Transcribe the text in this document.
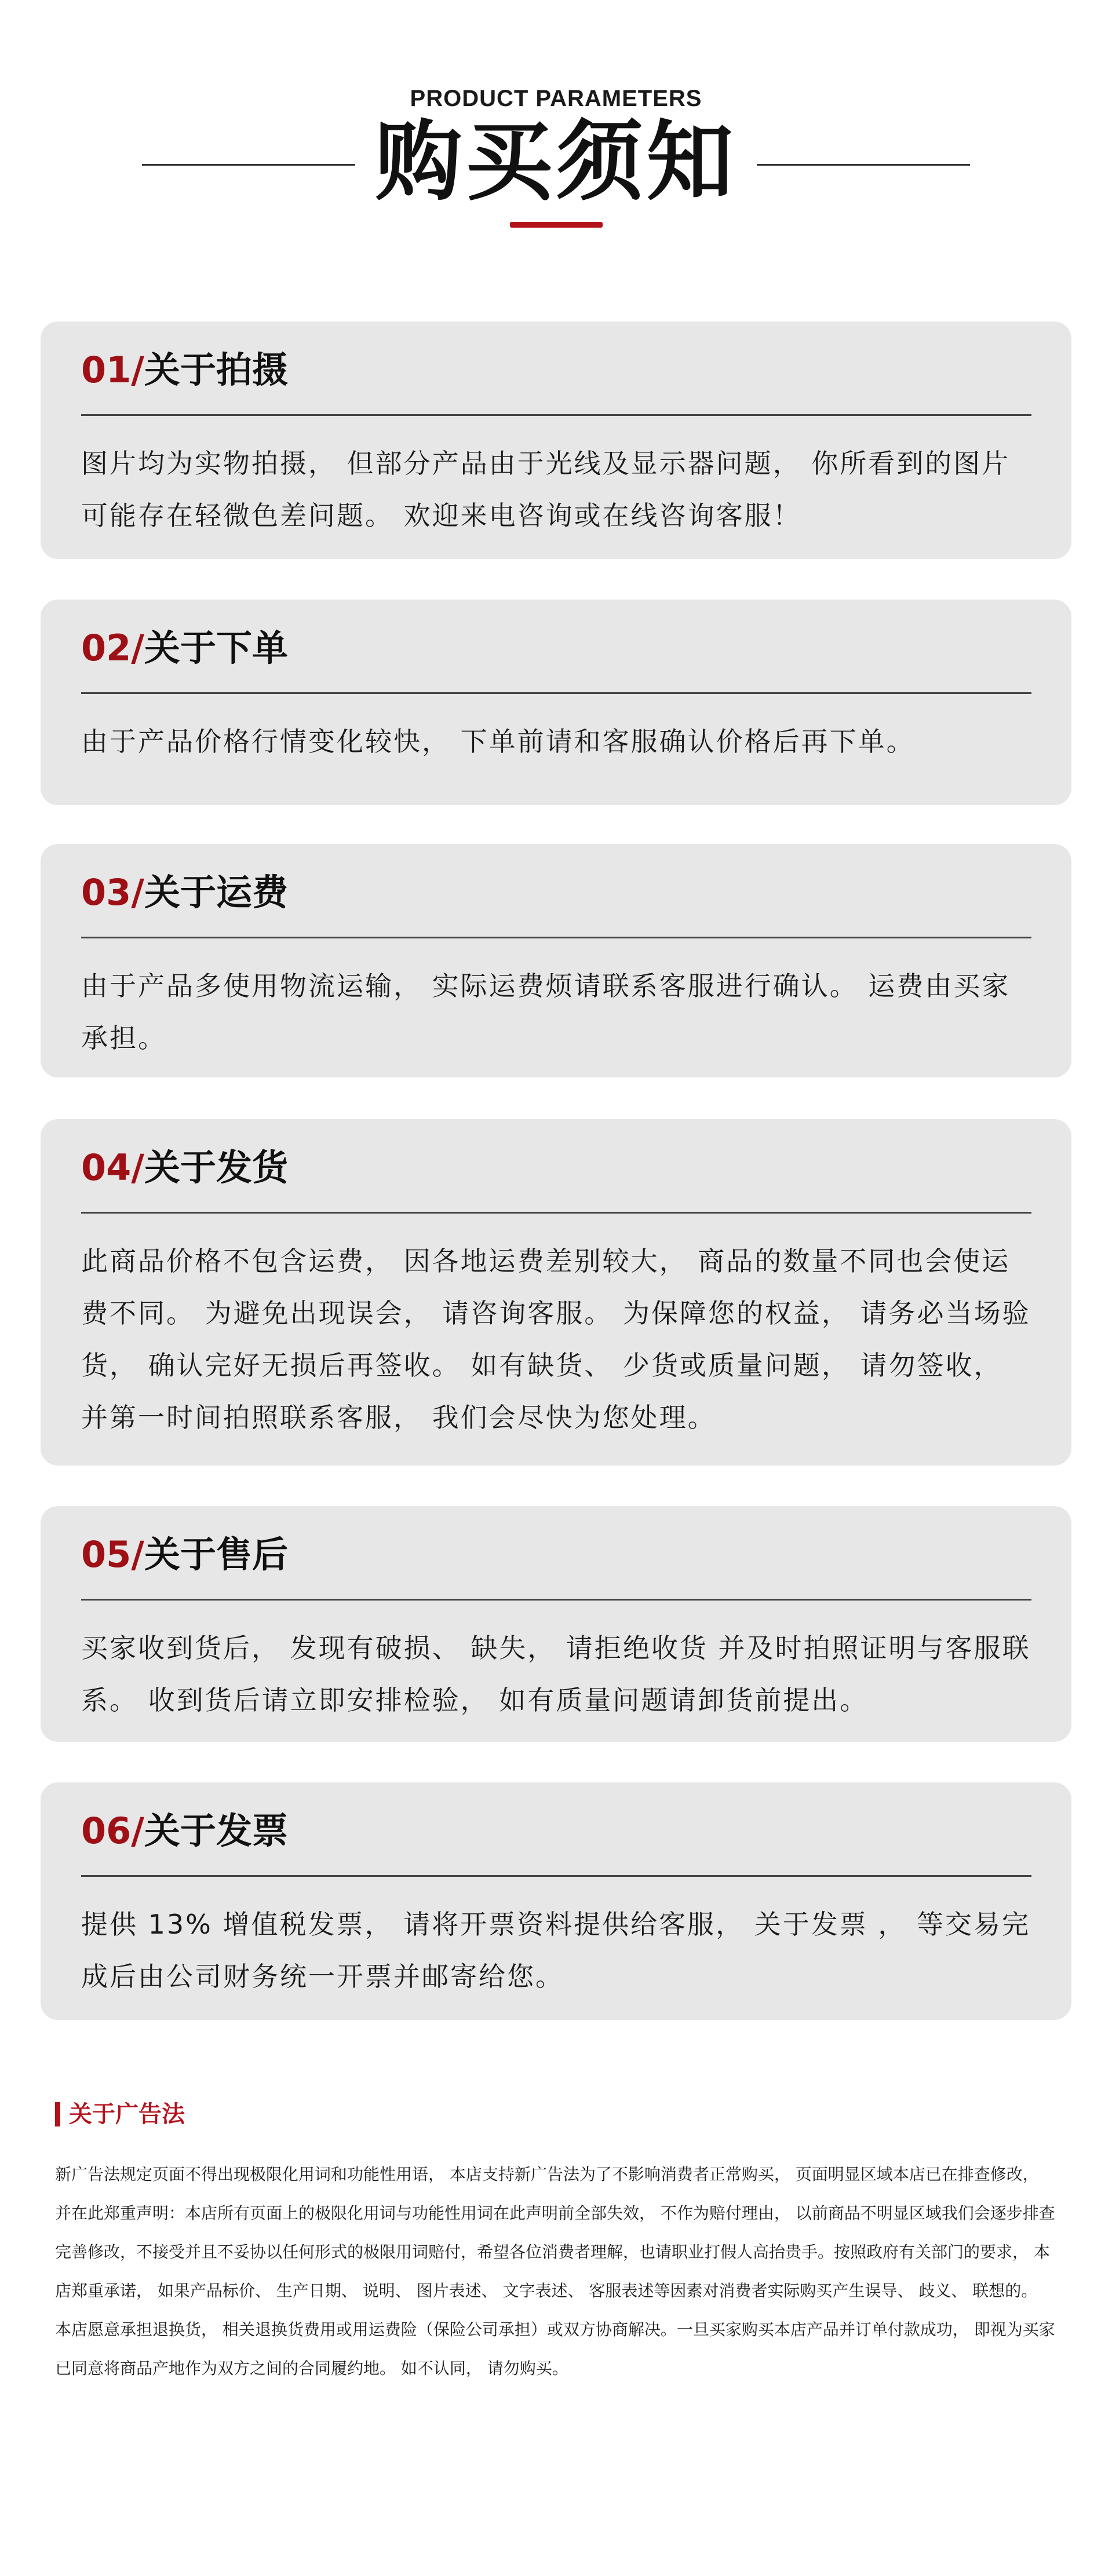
PRODUCT PARAMETERS
购买须知
01/关于拍摄
图片均为实物拍摄， 但部分产品由于光线及显示器问题， 你所看到的图片可能存在轻微色差问题。 欢迎来电咨询或在线咨询客服！
02/关于下单
由于产品价格行情变化较快， 下单前请和客服确认价格后再下单。
03/关于运费
由于产品多使用物流运输， 实际运费烦请联系客服进行确认。 运费由买家承担。
04/关于发货
此商品价格不包含运费， 因各地运费差别较大， 商品的数量不同也会使运费不同。 为避免出现误会， 请咨询客服。 为保障您的权益， 请务必当场验货， 确认完好无损后再签收。 如有缺货、 少货或质量问题， 请勿签收， 并第一时间拍照联系客服， 我们会尽快为您处理。
05/关于售后
买家收到货后， 发现有破损、 缺失， 请拒绝收货 并及时拍照证明与客服联系。 收到货后请立即安排检验， 如有质量问题请卸货前提出。
06/关于发票
提供 13% 增值税发票， 请将开票资料提供给客服， 关于发票 ， 等交易完成后由公司财务统一开票并邮寄给您。
关于广告法
新广告法规定页面不得出现极限化用词和功能性用语， 本店支持新广告法为了不影响消费者正常购买， 页面明显区域本店已在排查修改， 并在此郑重声明：本店所有页面上的极限化用词与功能性用词在此声明前全部失效， 不作为赔付理由， 以前商品不明显区域我们会逐步排查完善修改，不接受并且不妥协以任何形式的极限用词赔付，希望各位消费者理解，也请职业打假人高抬贵手。按照政府有关部门的要求， 本店郑重承诺， 如果产品标价、 生产日期、 说明、 图片表述、 文字表述、 客服表述等因素对消费者实际购买产生误导、 歧义、 联想的。 本店愿意承担退换货， 相关退换货费用或用运费险（保险公司承担）或双方协商解决。一旦买家购买本店产品并订单付款成功， 即视为买家已同意将商品产地作为双方之间的合同履约地。 如不认同， 请勿购买。
